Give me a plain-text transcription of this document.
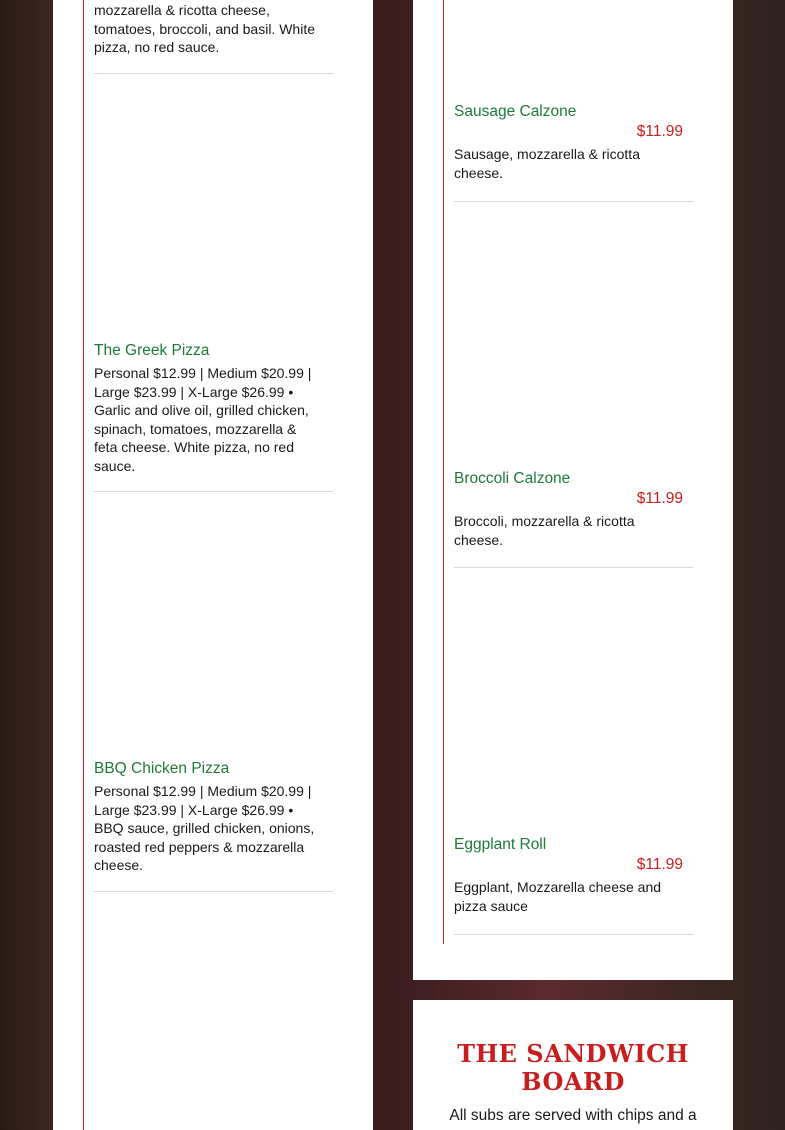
mozzarella & ricotta cheese, tomatoes, broccoli, and basil. White pizza, no red sauce.
The Greek Pizza
Personal $12.99 | Medium $20.99 | Large $23.99 | X-Large $26.99 • Garlic and olive oil, grilled chicken, spinach, tomatoes, mozzarella & feta cheese. White pizza, no red sauce.
BBQ Chicken Pizza
Personal $12.99 | Medium $20.99 | Large $23.99 | X-Large $26.99 • BBQ sauce, grilled chicken, onions, roasted red peppers & mozzarella cheese.
Sausage Calzone
$11.99
Sausage, mozzarella & ricotta cheese.
Broccoli Calzone
$11.99
Broccoli, mozzarella & ricotta cheese.
Eggplant Roll
$11.99
Eggplant, Mozzarella cheese and pizza sauce
THE SANDWICH
BOARD
All subs are served with chips and a
